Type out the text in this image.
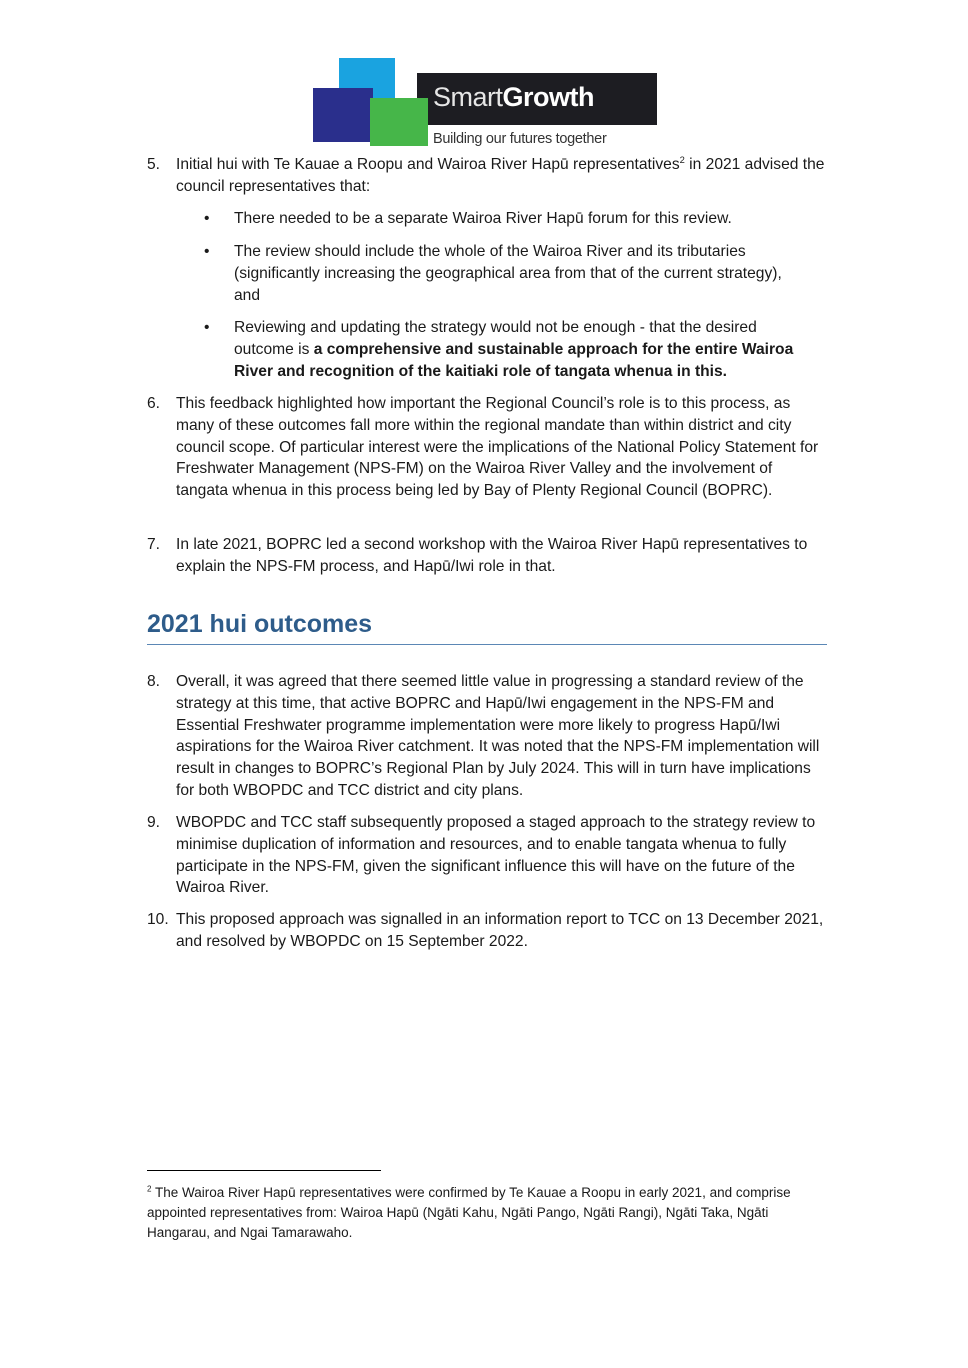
SmartGrowth
Building our futures together
5. Initial hui with Te Kauae a Roopu and Wairoa River Hapū representatives$^2$ in 2021 advised the council representatives that:
• There needed to be a separate Wairoa River Hapū forum for this review.
• The review should include the whole of the Wairoa River and its tributaries (significantly increasing the geographical area from that of the current strategy), and
• Reviewing and updating the strategy would not be enough - that the desired outcome is a comprehensive and sustainable approach for the entire Wairoa River and recognition of the kaitiaki role of tangata whenua in this.
6. This feedback highlighted how important the Regional Council’s role is to this process, as many of these outcomes fall more within the regional mandate than within district and city council scope. Of particular interest were the implications of the National Policy Statement for Freshwater Management (NPS-FM) on the Wairoa River Valley and the involvement of tangata whenua in this process being led by Bay of Plenty Regional Council (BOPRC).
7. In late 2021, BOPRC led a second workshop with the Wairoa River Hapū representatives to explain the NPS-FM process, and Hapū/Iwi role in that.
2021 hui outcomes
8. Overall, it was agreed that there seemed little value in progressing a standard review of the strategy at this time, that active BOPRC and Hapū/Iwi engagement in the NPS-FM and Essential Freshwater programme implementation were more likely to progress Hapū/Iwi aspirations for the Wairoa River catchment. It was noted that the NPS-FM implementation will result in changes to BOPRC’s Regional Plan by July 2024. This will in turn have implications for both WBOPDC and TCC district and city plans.
9. WBOPDC and TCC staff subsequently proposed a staged approach to the strategy review to minimise duplication of information and resources, and to enable tangata whenua to fully participate in the NPS-FM, given the significant influence this will have on the future of the Wairoa River.
10. This proposed approach was signalled in an information report to TCC on 13 December 2021, and resolved by WBOPDC on 15 September 2022.
$^2$ The Wairoa River Hapū representatives were confirmed by Te Kauae a Roopu in early 2021, and comprise appointed representatives from: Wairoa Hapū (Ngāti Kahu, Ngāti Pango, Ngāti Rangi), Ngāti Taka, Ngāti Hangarau, and Ngai Tamarawaho.
